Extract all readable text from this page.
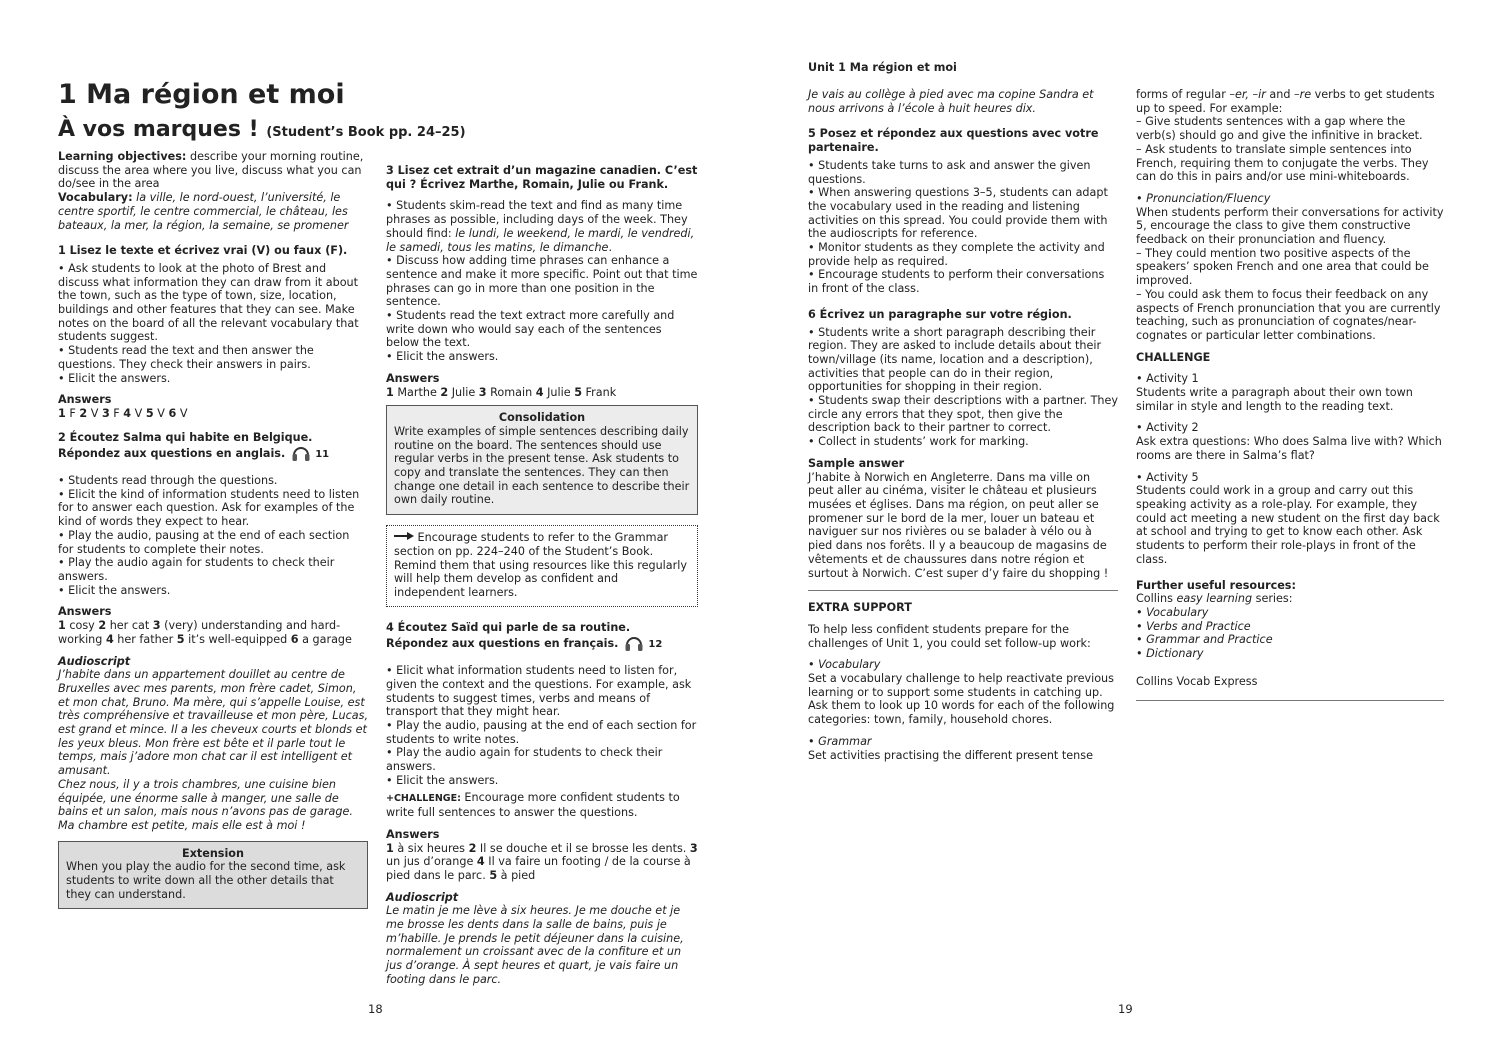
1 Ma région et moi
À vos marques ! (Student’s Book pp. 24–25)

Learning objectives: describe your morning routine, discuss the area where you live, discuss what you can do/see in the area

Vocabulary: la ville, le nord-ouest, l’université, le centre sportif, le centre commercial, le château, les bateaux, la mer, la région, la semaine, se promener

1 Lisez le texte et écrivez vrai (V) ou faux (F).

• Ask students to look at the photo of Brest and discuss what information they can draw from it about the town, such as the type of town, size, location, buildings and other features that they can see. Make notes on the board of all the relevant vocabulary that students suggest.

• Students read the text and then answer the questions. They check their answers in pairs.

• Elicit the answers.

Answers

1 F 2 V 3 F 4 V 5 V 6 V

2 Écoutez Salma qui habite en Belgique.

Répondez aux questions en anglais.	11

• Students read through the questions.

• Elicit the kind of information students need to listen for to answer each question. Ask for examples of the kind of words they expect to hear.

• Play the audio, pausing at the end of each section for students to complete their notes.

• Play the audio again for students to check their answers.

• Elicit the answers.

Answers

1 cosy 2 her cat 3 (very) understanding and hard-working 4 her father 5 it’s well-equipped 6 a garage

Audioscript

J’habite dans un appartement douillet au centre de Bruxelles avec mes parents, mon frère cadet, Simon, et mon chat, Bruno. Ma mère, qui s’appelle Louise, est très compréhensive et travailleuse et mon père, Lucas, est grand et mince. Il a les cheveux courts et blonds et les yeux bleus. Mon frère est bête et il parle tout le temps, mais j’adore mon chat car il est intelligent et amusant.

Chez nous, il y a trois chambres, une cuisine bien équipée, une énorme salle à manger, une salle de bains et un salon, mais nous n’avons pas de garage. Ma chambre est petite, mais elle est à moi !

Extension

When you play the audio for the second time, ask students to write down all the other details that they can understand.

3 Lisez cet extrait d’un magazine canadien. C’est qui ? Écrivez Marthe, Romain, Julie ou Frank.

• Students skim-read the text and find as many time phrases as possible, including days of the week. They should find: le lundi, le weekend, le mardi, le vendredi, le samedi, tous les matins, le dimanche.

• Discuss how adding time phrases can enhance a sentence and make it more specific. Point out that time phrases can go in more than one position in the sentence.

• Students read the text extract more carefully and write down who would say each of the sentences below the text.

• Elicit the answers.

Answers

1 Marthe 2 Julie 3 Romain 4 Julie 5 Frank

Consolidation

Write examples of simple sentences describing daily routine on the board. The sentences should use regular verbs in the present tense. Ask students to copy and translate the sentences. They can then change one detail in each sentence to describe their own daily routine.

Encourage students to refer to the Grammar section on pp. 224–240 of the Student’s Book. Remind them that using resources like this regularly will help them develop as confident and independent learners.

4 Écoutez Saïd qui parle de sa routine.

Répondez aux questions en français.	12

• Elicit what information students need to listen for, given the context and the questions. For example, ask students to suggest times, verbs and means of transport that they might hear.

• Play the audio, pausing at the end of each section for students to write notes.

• Play the audio again for students to check their answers.

• Elicit the answers.

+CHALLENGE: Encourage more confident students to write full sentences to answer the questions.

Answers

1 à six heures 2 Il se douche et il se brosse les dents. 3 un jus d’orange 4 Il va faire un footing / de la course à pied dans le parc. 5 à pied

Audioscript

Le matin je me lève à six heures. Je me douche et je me brosse les dents dans la salle de bains, puis je m’habille. Je prends le petit déjeuner dans la cuisine, normalement un croissant avec de la confiture et un jus d’orange. À sept heures et quart, je vais faire un footing dans le parc.

18

Unit 1 Ma région et moi

Je vais au collège à pied avec ma copine Sandra et nous arrivons à l’école à huit heures dix.

5 Posez et répondez aux questions avec votre partenaire.

• Students take turns to ask and answer the given questions.

• When answering questions 3–5, students can adapt the vocabulary used in the reading and listening activities on this spread. You could provide them with the audioscripts for reference.

• Monitor students as they complete the activity and provide help as required.

• Encourage students to perform their conversations in front of the class.

6 Écrivez un paragraphe sur votre région.

• Students write a short paragraph describing their region. They are asked to include details about their town/village (its name, location and a description), activities that people can do in their region, opportunities for shopping in their region.

• Students swap their descriptions with a partner. They circle any errors that they spot, then give the description back to their partner to correct.

• Collect in students’ work for marking.

Sample answer

J’habite à Norwich en Angleterre. Dans ma ville on peut aller au cinéma, visiter le château et plusieurs musées et églises. Dans ma région, on peut aller se promener sur le bord de la mer, louer un bateau et naviguer sur nos rivières ou se balader à vélo ou à pied dans nos forêts. Il y a beaucoup de magasins de vêtements et de chaussures dans notre région et surtout à Norwich. C’est super d’y faire du shopping !

EXTRA SUPPORT

To help less confident students prepare for the challenges of Unit 1, you could set follow-up work:

• Vocabulary

Set a vocabulary challenge to help reactivate previous learning or to support some students in catching up. Ask them to look up 10 words for each of the following categories: town, family, household chores.

• Grammar

Set activities practising the different present tense

forms of regular –er, –ir and –re verbs to get students up to speed. For example:

– Give students sentences with a gap where the verb(s) should go and give the infinitive in bracket.

– Ask students to translate simple sentences into French, requiring them to conjugate the verbs. They can do this in pairs and/or use mini-whiteboards.

• Pronunciation/Fluency

When students perform their conversations for activity 5, encourage the class to give them constructive feedback on their pronunciation and fluency.

– They could mention two positive aspects of the speakers’ spoken French and one area that could be improved.

– You could ask them to focus their feedback on any aspects of French pronunciation that you are currently teaching, such as pronunciation of cognates/near-cognates or particular letter combinations.

CHALLENGE

• Activity 1

Students write a paragraph about their own town similar in style and length to the reading text.

• Activity 2

Ask extra questions: Who does Salma live with? Which rooms are there in Salma’s flat?

• Activity 5

Students could work in a group and carry out this speaking activity as a role-play. For example, they could act meeting a new student on the first day back at school and trying to get to know each other. Ask students to perform their role-plays in front of the class.

Further useful resources:

Collins easy learning series:

• Vocabulary

• Verbs and Practice

• Grammar and Practice

• Dictionary

Collins Vocab Express

19
